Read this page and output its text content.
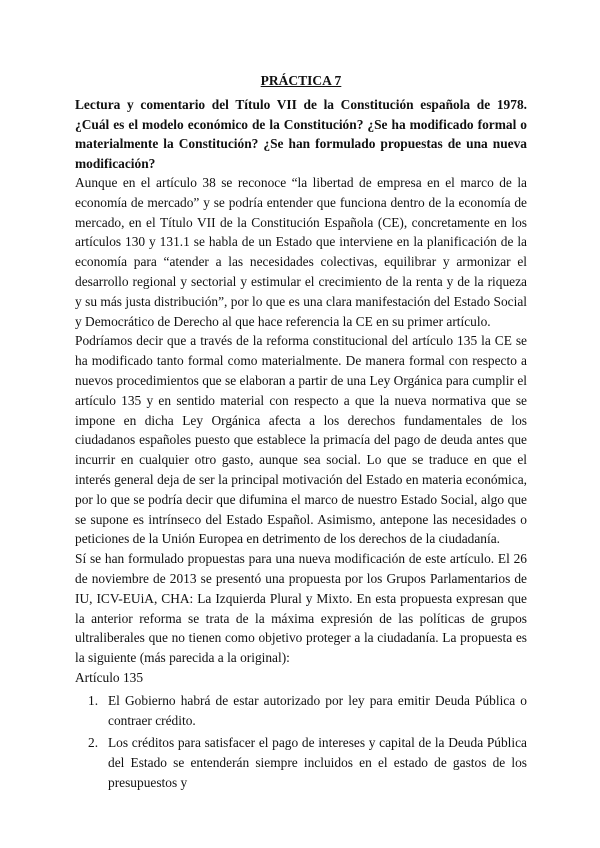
PRÁCTICA 7

Lectura y comentario del Título VII de la Constitución española de 1978. ¿Cuál es el modelo económico de la Constitución? ¿Se ha modificado formal o materialmente la Constitución? ¿Se han formulado propuestas de una nueva modificación?

Aunque en el artículo 38 se reconoce “la libertad de empresa en el marco de la economía de mercado” y se podría entender que funciona dentro de la economía de mercado, en el Título VII de la Constitución Española (CE), concretamente en los artículos 130 y 131.1 se habla de un Estado que interviene en la planificación de la economía para “atender a las necesidades colectivas, equilibrar y armonizar el desarrollo regional y sectorial y estimular el crecimiento de la renta y de la riqueza y su más justa distribución”, por lo que es una clara manifestación del Estado Social y Democrático de Derecho al que hace referencia la CE en su primer artículo.

Podríamos decir que a través de la reforma constitucional del artículo 135 la CE se ha modificado tanto formal como materialmente. De manera formal con respecto a nuevos procedimientos que se elaboran a partir de una Ley Orgánica para cumplir el artículo 135 y en sentido material con respecto a que la nueva normativa que se impone en dicha Ley Orgánica afecta a los derechos fundamentales de los ciudadanos españoles puesto que establece la primacía del pago de deuda antes que incurrir en cualquier otro gasto, aunque sea social. Lo que se traduce en que el interés general deja de ser la principal motivación del Estado en materia económica, por lo que se podría decir que difumina el marco de nuestro Estado Social, algo que se supone es intrínseco del Estado Español. Asimismo, antepone las necesidades o peticiones de la Unión Europea en detrimento de los derechos de la ciudadanía.

Sí se han formulado propuestas para una nueva modificación de este artículo. El 26 de noviembre de 2013 se presentó una propuesta por los Grupos Parlamentarios de IU, ICV-EUiA, CHA: La Izquierda Plural y Mixto. En esta propuesta expresan que la anterior reforma se trata de la máxima expresión de las políticas de grupos ultraliberales que no tienen como objetivo proteger a la ciudadanía. La propuesta es la siguiente (más parecida a la original):

Artículo 135

1. El Gobierno habrá de estar autorizado por ley para emitir Deuda Pública o contraer crédito.
2. Los créditos para satisfacer el pago de intereses y capital de la Deuda Pública del Estado se entenderán siempre incluidos en el estado de gastos de los presupuestos y
